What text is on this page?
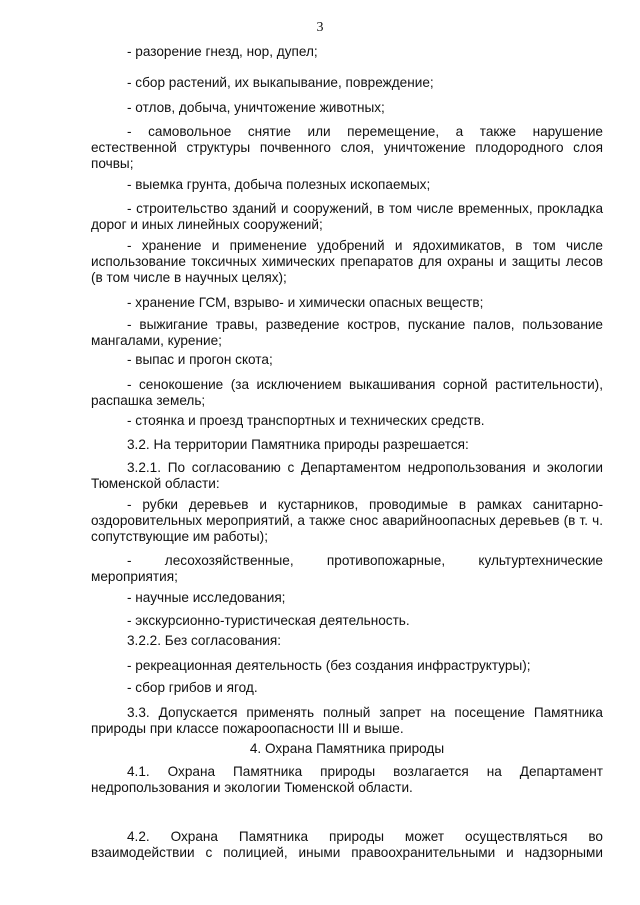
3

- разорение гнезд, нор, дупел;

- сбор растений, их выкапывание, повреждение;

- отлов, добыча, уничтожение животных;

- самовольное снятие или перемещение, а также нарушение естественной структуры почвенного слоя, уничтожение плодородного слоя почвы;

- выемка грунта, добыча полезных ископаемых;

- строительство зданий и сооружений, в том числе временных, прокладка дорог и иных линейных сооружений;

- хранение и применение удобрений и ядохимикатов, в том числе использование токсичных химических препаратов для охраны и защиты лесов (в том числе в научных целях);

- хранение ГСМ, взрыво- и химически опасных веществ;

- выжигание травы, разведение костров, пускание палов, пользование мангалами, курение;

- выпас и прогон скота;

- сенокошение (за исключением выкашивания сорной растительности), распашка земель;

- стоянка и проезд транспортных и технических средств.

3.2. На территории Памятника природы разрешается:

3.2.1. По согласованию с Департаментом недропользования и экологии Тюменской области:

- рубки деревьев и кустарников, проводимые в рамках санитарно-оздоровительных мероприятий, а также снос аварийноопасных деревьев (в т. ч. сопутствующие им работы);

- лесохозяйственные, противопожарные, культуртехнические мероприятия;

- научные исследования;

- экскурсионно-туристическая деятельность.

3.2.2. Без согласования:

- рекреационная деятельность (без создания инфраструктуры);

- сбор грибов и ягод.

3.3. Допускается применять полный запрет на посещение Памятника природы при классе пожароопасности III и выше.

4. Охрана Памятника природы

4.1. Охрана Памятника природы возлагается на Департамент недропользования и экологии Тюменской области.

4.2. Охрана Памятника природы может осуществляться во взаимодействии с полицией, иными правоохранительными и надзорными
